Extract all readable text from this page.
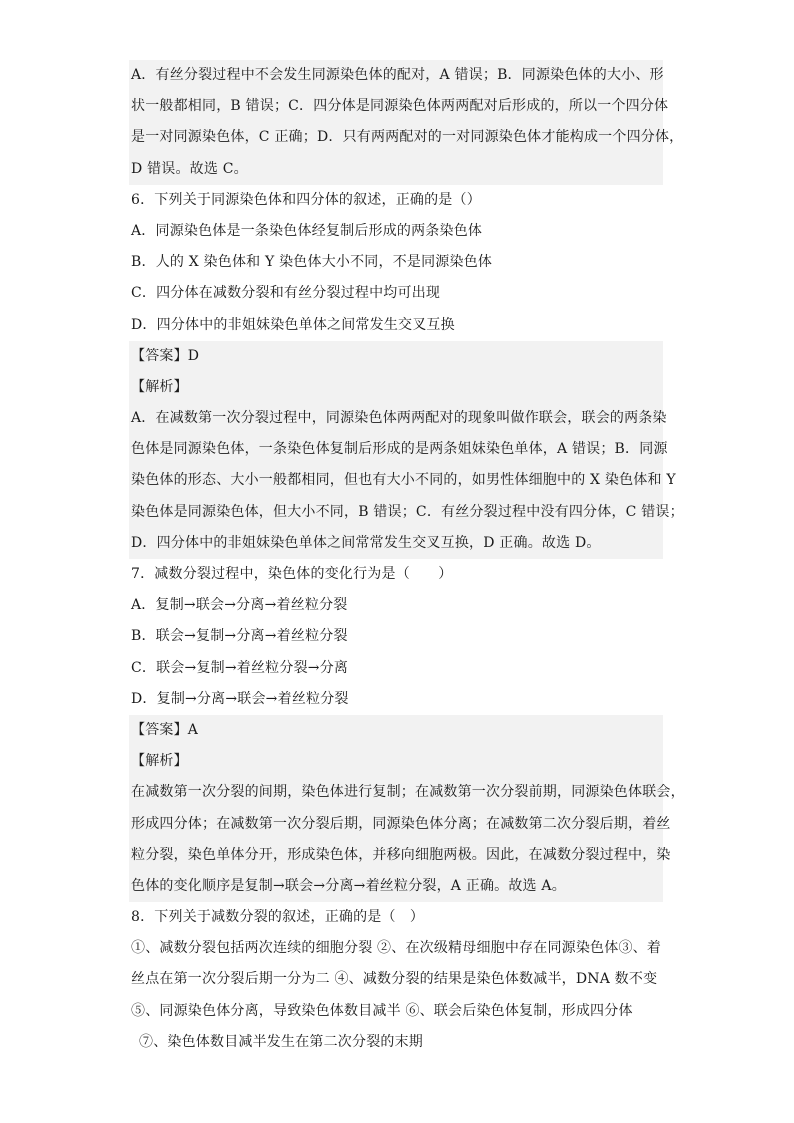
A．有丝分裂过程中不会发生同源染色体的配对，A 错误；B．同源染色体的大小、形
状一般都相同，B 错误；C．四分体是同源染色体两两配对后形成的，所以一个四分体
是一对同源染色体，C 正确；D．只有两两配对的一对同源染色体才能构成一个四分体，
D 错误。故选 C。
6．下列关于同源染色体和四分体的叙述，正确的是（）
A．同源染色体是一条染色体经复制后形成的两条染色体
B．人的 X 染色体和 Y 染色体大小不同，不是同源染色体
C．四分体在减数分裂和有丝分裂过程中均可出现
D．四分体中的非姐妹染色单体之间常发生交叉互换
【答案】D
【解析】
A．在减数第一次分裂过程中，同源染色体两两配对的现象叫做作联会，联会的两条染
色体是同源染色体，一条染色体复制后形成的是两条姐妹染色单体，A 错误；B．同源
染色体的形态、大小一般都相同，但也有大小不同的，如男性体细胞中的 X 染色体和 Y
染色体是同源染色体，但大小不同，B 错误；C．有丝分裂过程中没有四分体，C 错误；
D．四分体中的非姐妹染色单体之间常常发生交叉互换，D 正确。故选 D。
7．减数分裂过程中，染色体的变化行为是（　　）
A．复制→联会→分离→着丝粒分裂
B．联会→复制→分离→着丝粒分裂
C．联会→复制→着丝粒分裂→分离
D．复制→分离→联会→着丝粒分裂
【答案】A
【解析】
在减数第一次分裂的间期，染色体进行复制；在减数第一次分裂前期，同源染色体联会，
形成四分体；在减数第一次分裂后期，同源染色体分离；在减数第二次分裂后期，着丝
粒分裂，染色单体分开，形成染色体，并移向细胞两极。因此，在减数分裂过程中，染
色体的变化顺序是复制→联会→分离→着丝粒分裂，A 正确。故选 A。
8．下列关于减数分裂的叙述，正确的是（　）
①、减数分裂包括两次连续的细胞分裂 ②、在次级精母细胞中存在同源染色体③、着
丝点在第一次分裂后期一分为二 ④、减数分裂的结果是染色体数减半，DNA 数不变
⑤、同源染色体分离，导致染色体数目减半 ⑥、联会后染色体复制，形成四分体
⑦、染色体数目减半发生在第二次分裂的末期
